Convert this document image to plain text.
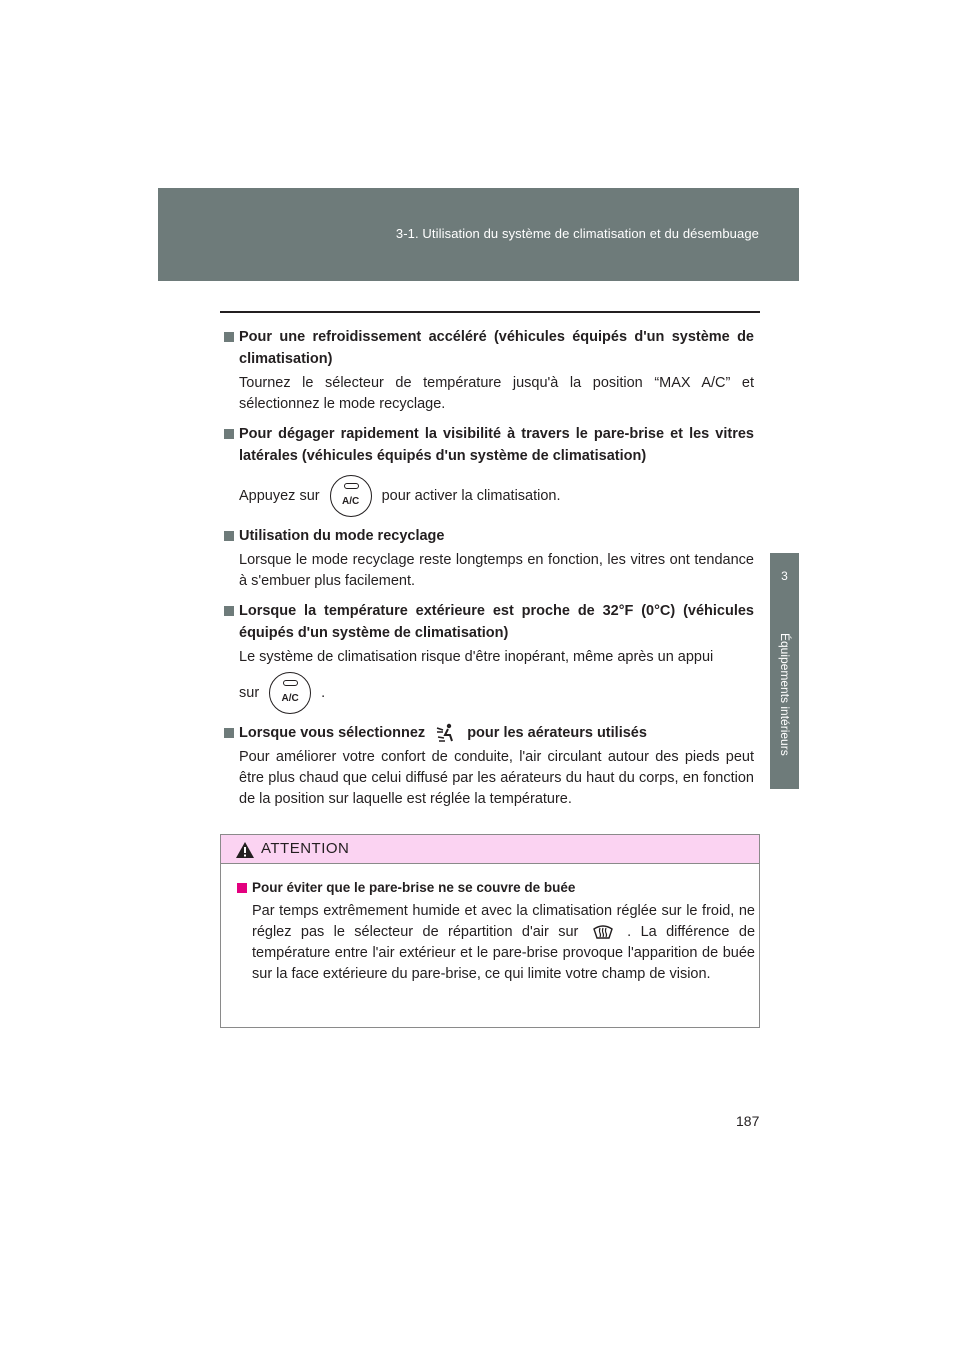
3-1. Utilisation du système de climatisation et du désembuage
3
Équipements intérieurs
Pour une refroidissement accéléré (véhicules équipés d'un système de climatisation)
Tournez le sélecteur de température jusqu'à la position “MAX A/C” et sélectionnez le mode recyclage.
Pour dégager rapidement la visibilité à travers le pare-brise et les vitres latérales (véhicules équipés d'un système de climatisation)
Appuyez sur	A/C	pour activer la climatisation.
Utilisation du mode recyclage
Lorsque le mode recyclage reste longtemps en fonction, les vitres ont tendance à s'embuer plus facilement.
Lorsque la température extérieure est proche de 32°F (0°C) (véhicules équipés d'un système de climatisation)
Le système de climatisation risque d'être inopérant, même après un appui
sur	A/C	.
Lorsque vous sélectionnez	pour les aérateurs utilisés
Pour améliorer votre confort de conduite, l'air circulant autour des pieds peut être plus chaud que celui diffusé par les aérateurs du haut du corps, en fonction de la position sur laquelle est réglée la température.
ATTENTION
Pour éviter que le pare-brise ne se couvre de buée
Par temps extrêmement humide et avec la climatisation réglée sur le froid, ne réglez pas le sélecteur de répartition d'air sur	. La différence de température entre l'air extérieur et le pare-brise provoque l'apparition de buée sur la face extérieure du pare-brise, ce qui limite votre champ de vision.
187
